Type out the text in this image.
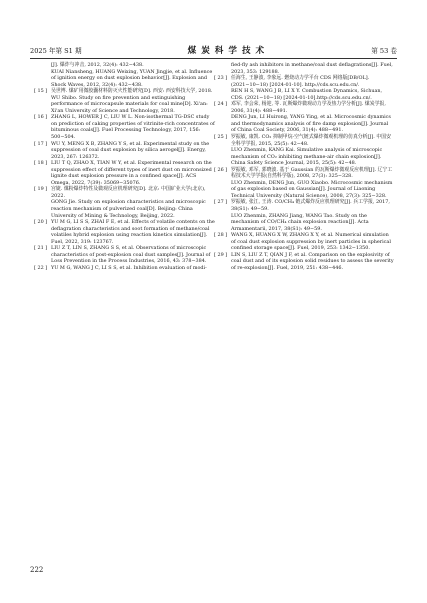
2025 年第 S1 期	煤 炭 科 学 技 术	第 53 卷

[J]. 爆炸与冲击, 2012, 32(4): 432−438.

KUAI Niansheng, HUANG Weixing, YUAN Jingjie, et al. Influence of ignition energy on dust explosion behavior[J]. Explosion and Shock Waves, 2012, 32(4): 432−438.

[ 15 ] 吴世博. 煤矿用微胶囊材料防灭火性能研究[D]. 西安: 西安科技大学, 2018.

WU Shibo. Study on fire prevention and extinguishing performance of microcapsule materials for coal mine[D]. Xi'an: Xi'an University of Science and Technology, 2018.

[ 16 ] ZHANG L, HOWER J C, LIU W L. Non-isothermal TG-DSC study on prediction of caking properties of vitrinite-rich concentrates of bituminous coals[J]. Fuel Processing Technology, 2017, 156: 500−504.

[ 17 ] WU Y, MENG X B, ZHANG Y S, et al. Experimental study on the suppression of coal dust explosion by silica aerogel[J]. Energy, 2023, 267: 126372.

[ 18 ] LIU T Q, ZHAO X, TIAN W Y, et al. Experimental research on the suppression effect of different types of inert dust on micronsized lignite dust explosion pressure in a confined space[J]. ACS Omega, 2022, 7(39): 35069−35076.

[ 19 ] 宫婕. 煤粉爆炸特性及微观反应机理研究[D]. 北京: 中国矿业大学(北京), 2022.

GONG Jie. Study on explosion characteristics and microscopic reaction mechanism of pulverized coal[D]. Beijing: China University of Mining & Technology, Beijing, 2022.

[ 20 ] YU M G, LI S S, ZHAI F E, et al. Effects of volatile contents on the deflagration characteristics and soot formation of methane/coal volatiles hybrid explosion using reaction kinetics simulation[J]. Fuel, 2022, 319: 123767.

[ 21 ] LIU Z T, LIN S, ZHANG S S, et al. Observations of microscopic characteristics of post-explosion coal dust samples[J]. Journal of Loss Prevention in the Process Industries, 2016, 43: 378−384.

[ 22 ] YU M G, WANG J C, LI S S, et al. Inhibition evaluation of modi-

fied-fly ash inhibitors in methane/coal dust deflagrations[J]. Fuel, 2023, 353: 129188.

[ 23 ] 任海生, 王静波, 李象远. 燃烧动力学平台 CDS 网络版[DB/OL]. (2021−10−18) [2024-01-10]. http://cds.scu.edu.cn/.

REN H S, WANG J B, LI X Y. Combustion Dynamics, Sichuan, CDS. (2021−10−18) [2024-01-10].http://cds.scu.edu.cn/.

[ 24 ] 邓军, 李会荣, 杨迎, 等. 瓦斯爆炸微观动力学及热力学分析[J]. 煤炭学报, 2006, 31(4): 488−491.

DENG Jun, LI Huirong, YANG Ying, et al. Microcosmic dynamics and thermodynamics analysis of fire damp explosion[J]. Journal of China Coal Society, 2006, 31(4): 488−491.

[ 25 ] 罗振敏, 康凯. CO₂ 抑制甲烷-空气链式爆炸微观机理的仿真分析[J]. 中国安全科学学报, 2015, 25(5): 42−48.

LUO Zhenmin, KANG Kai. Simulative analysis of microscopic mechanism of CO₂ inhibiting methane-air chain explosion[J]. China Safety Science Journal, 2015, 25(5): 42−48.

[ 26 ] 罗振敏, 邓军, 郭晓波. 基于 Gaussian 的瓦斯爆炸微观反应机理[J]. 辽宁工程技术大学学报(自然科学版), 2008, 27(3): 325−328.

LUO Zhenmin, DENG Jun, GUO Xiaobo. Microcosmic mechanism of gas explosion based on Gaussian[J]. Journal of Liaoning Technical University (Natural Science), 2008, 27(3): 325−328.

[ 27 ] 罗振敏, 张江, 王涛. CO/CH₄ 链式爆炸反应机理研究[J]. 兵工学报, 2017, 38(S1): 49−59.

LUO Zhenmin, ZHANG Jiang, WANG Tao. Study on the mechanism of CO/CH₄ chain explosion reaction[J]. Acta Armamentarii, 2017, 38(S1): 49−59.

[ 28 ] WANG X, HUANG X W, ZHANG X Y, et al. Numerical simulation of coal dust explosion suppression by inert particles in spherical confined storage space[J]. Fuel, 2019, 253: 1342−1350.

[ 29 ] LIN S, LIU Z T, QIAN J F, et al. Comparison on the explosivity of coal dust and of its explosion solid residues to assess the severity of re-explosion[J]. Fuel, 2019, 251: 438−446.

222
